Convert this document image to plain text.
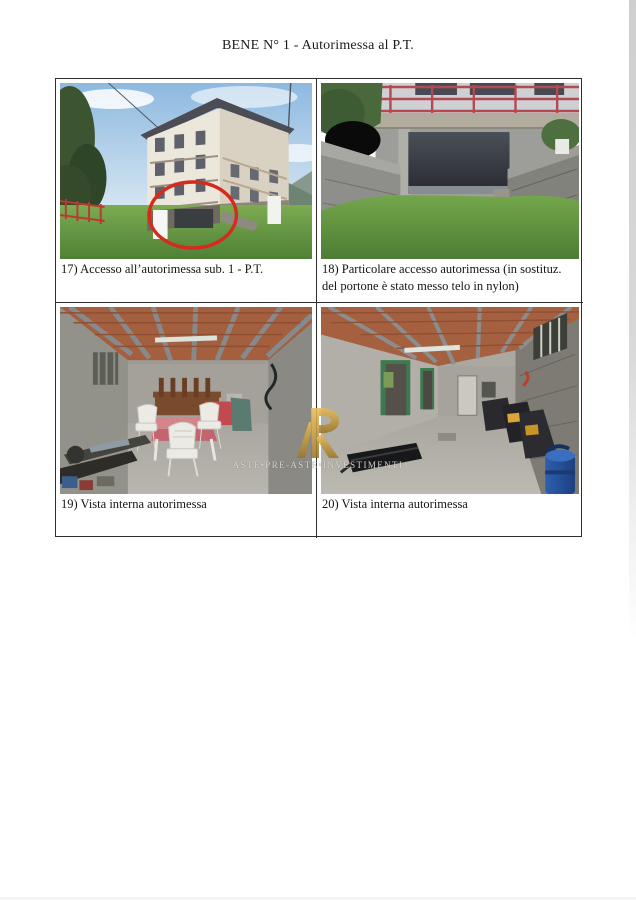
BENE N° 1 - Autorimessa al P.T.
17) Accesso all’autorimessa sub. 1 - P.T.	18) Particolare accesso autorimessa (in sostituz. del portone è stato messo telo in nylon)
19) Vista interna autorimessa	20) Vista interna autorimessa
ASTE•PRE-ASTE•INVESTIMENTI
